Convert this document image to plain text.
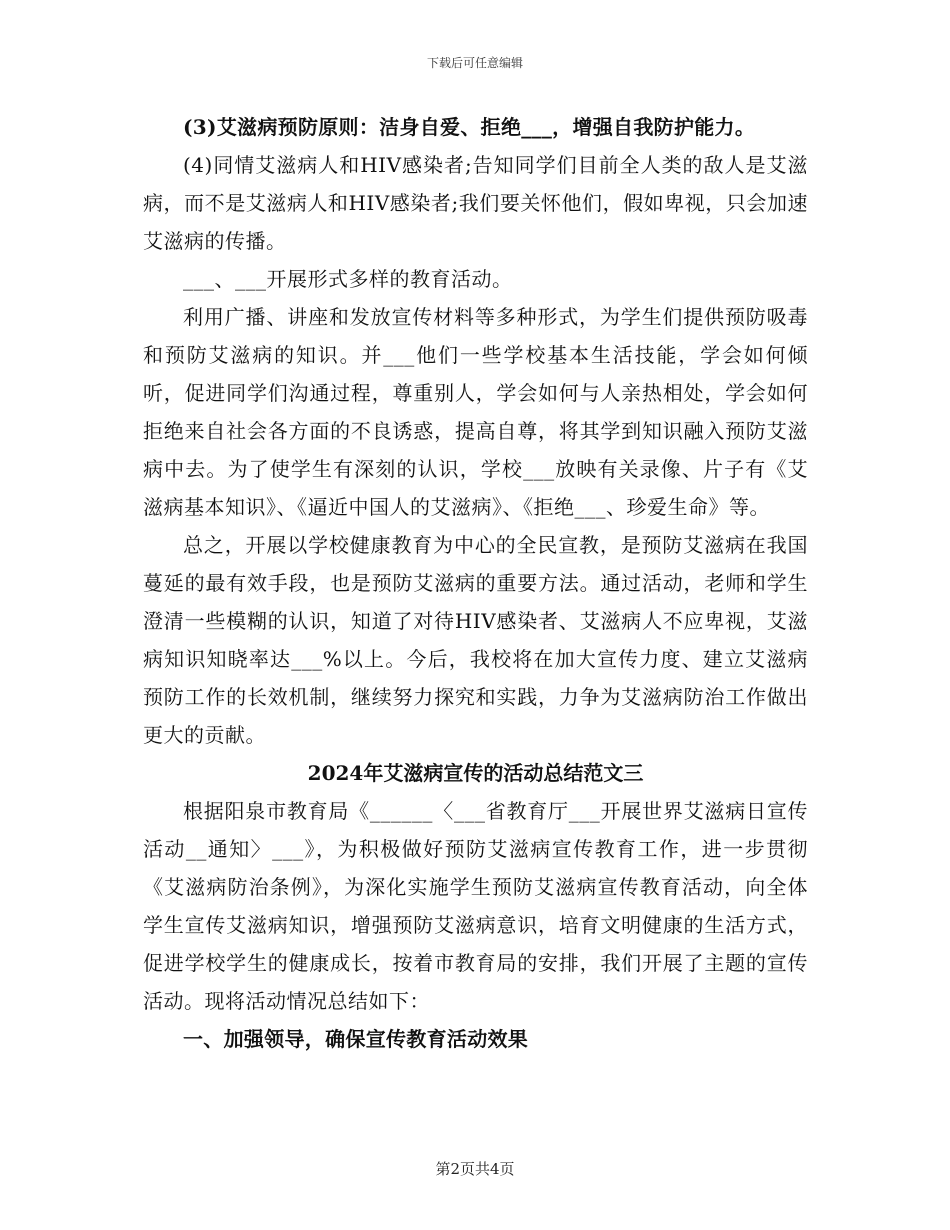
下载后可任意编辑

(3)艾滋病预防原则：洁身自爱、拒绝___，增强自我防护能力。

(4)同情艾滋病人和HIV感染者;告知同学们目前全人类的敌人是艾滋病，而不是艾滋病人和HIV感染者;我们要关怀他们，假如卑视，只会加速艾滋病的传播。

___、___开展形式多样的教育活动。

利用广播、讲座和发放宣传材料等多种形式，为学生们提供预防吸毒和预防艾滋病的知识。并___他们一些学校基本生活技能，学会如何倾听，促进同学们沟通过程，尊重别人，学会如何与人亲热相处，学会如何拒绝来自社会各方面的不良诱惑，提高自尊，将其学到知识融入预防艾滋病中去。为了使学生有深刻的认识，学校___放映有关录像、片子有《艾滋病基本知识》、《逼近中国人的艾滋病》、《拒绝___、珍爱生命》等。

总之，开展以学校健康教育为中心的全民宣教，是预防艾滋病在我国蔓延的最有效手段，也是预防艾滋病的重要方法。通过活动，老师和学生澄清一些模糊的认识，知道了对待HIV感染者、艾滋病人不应卑视，艾滋病知识知晓率达___%以上。今后，我校将在加大宣传力度、建立艾滋病预防工作的长效机制，继续努力探究和实践，力争为艾滋病防治工作做出更大的贡献。

2024年艾滋病宣传的活动总结范文三

根据阳泉市教育局《______〈___省教育厅___开展世界艾滋病日宣传活动__通知〉___》，为积极做好预防艾滋病宣传教育工作，进一步贯彻《艾滋病防治条例》，为深化实施学生预防艾滋病宣传教育活动，向全体学生宣传艾滋病知识，增强预防艾滋病意识，培育文明健康的生活方式，促进学校学生的健康成长，按着市教育局的安排，我们开展了主题的宣传活动。现将活动情况总结如下：

一、加强领导，确保宣传教育活动效果

第2页共4页
